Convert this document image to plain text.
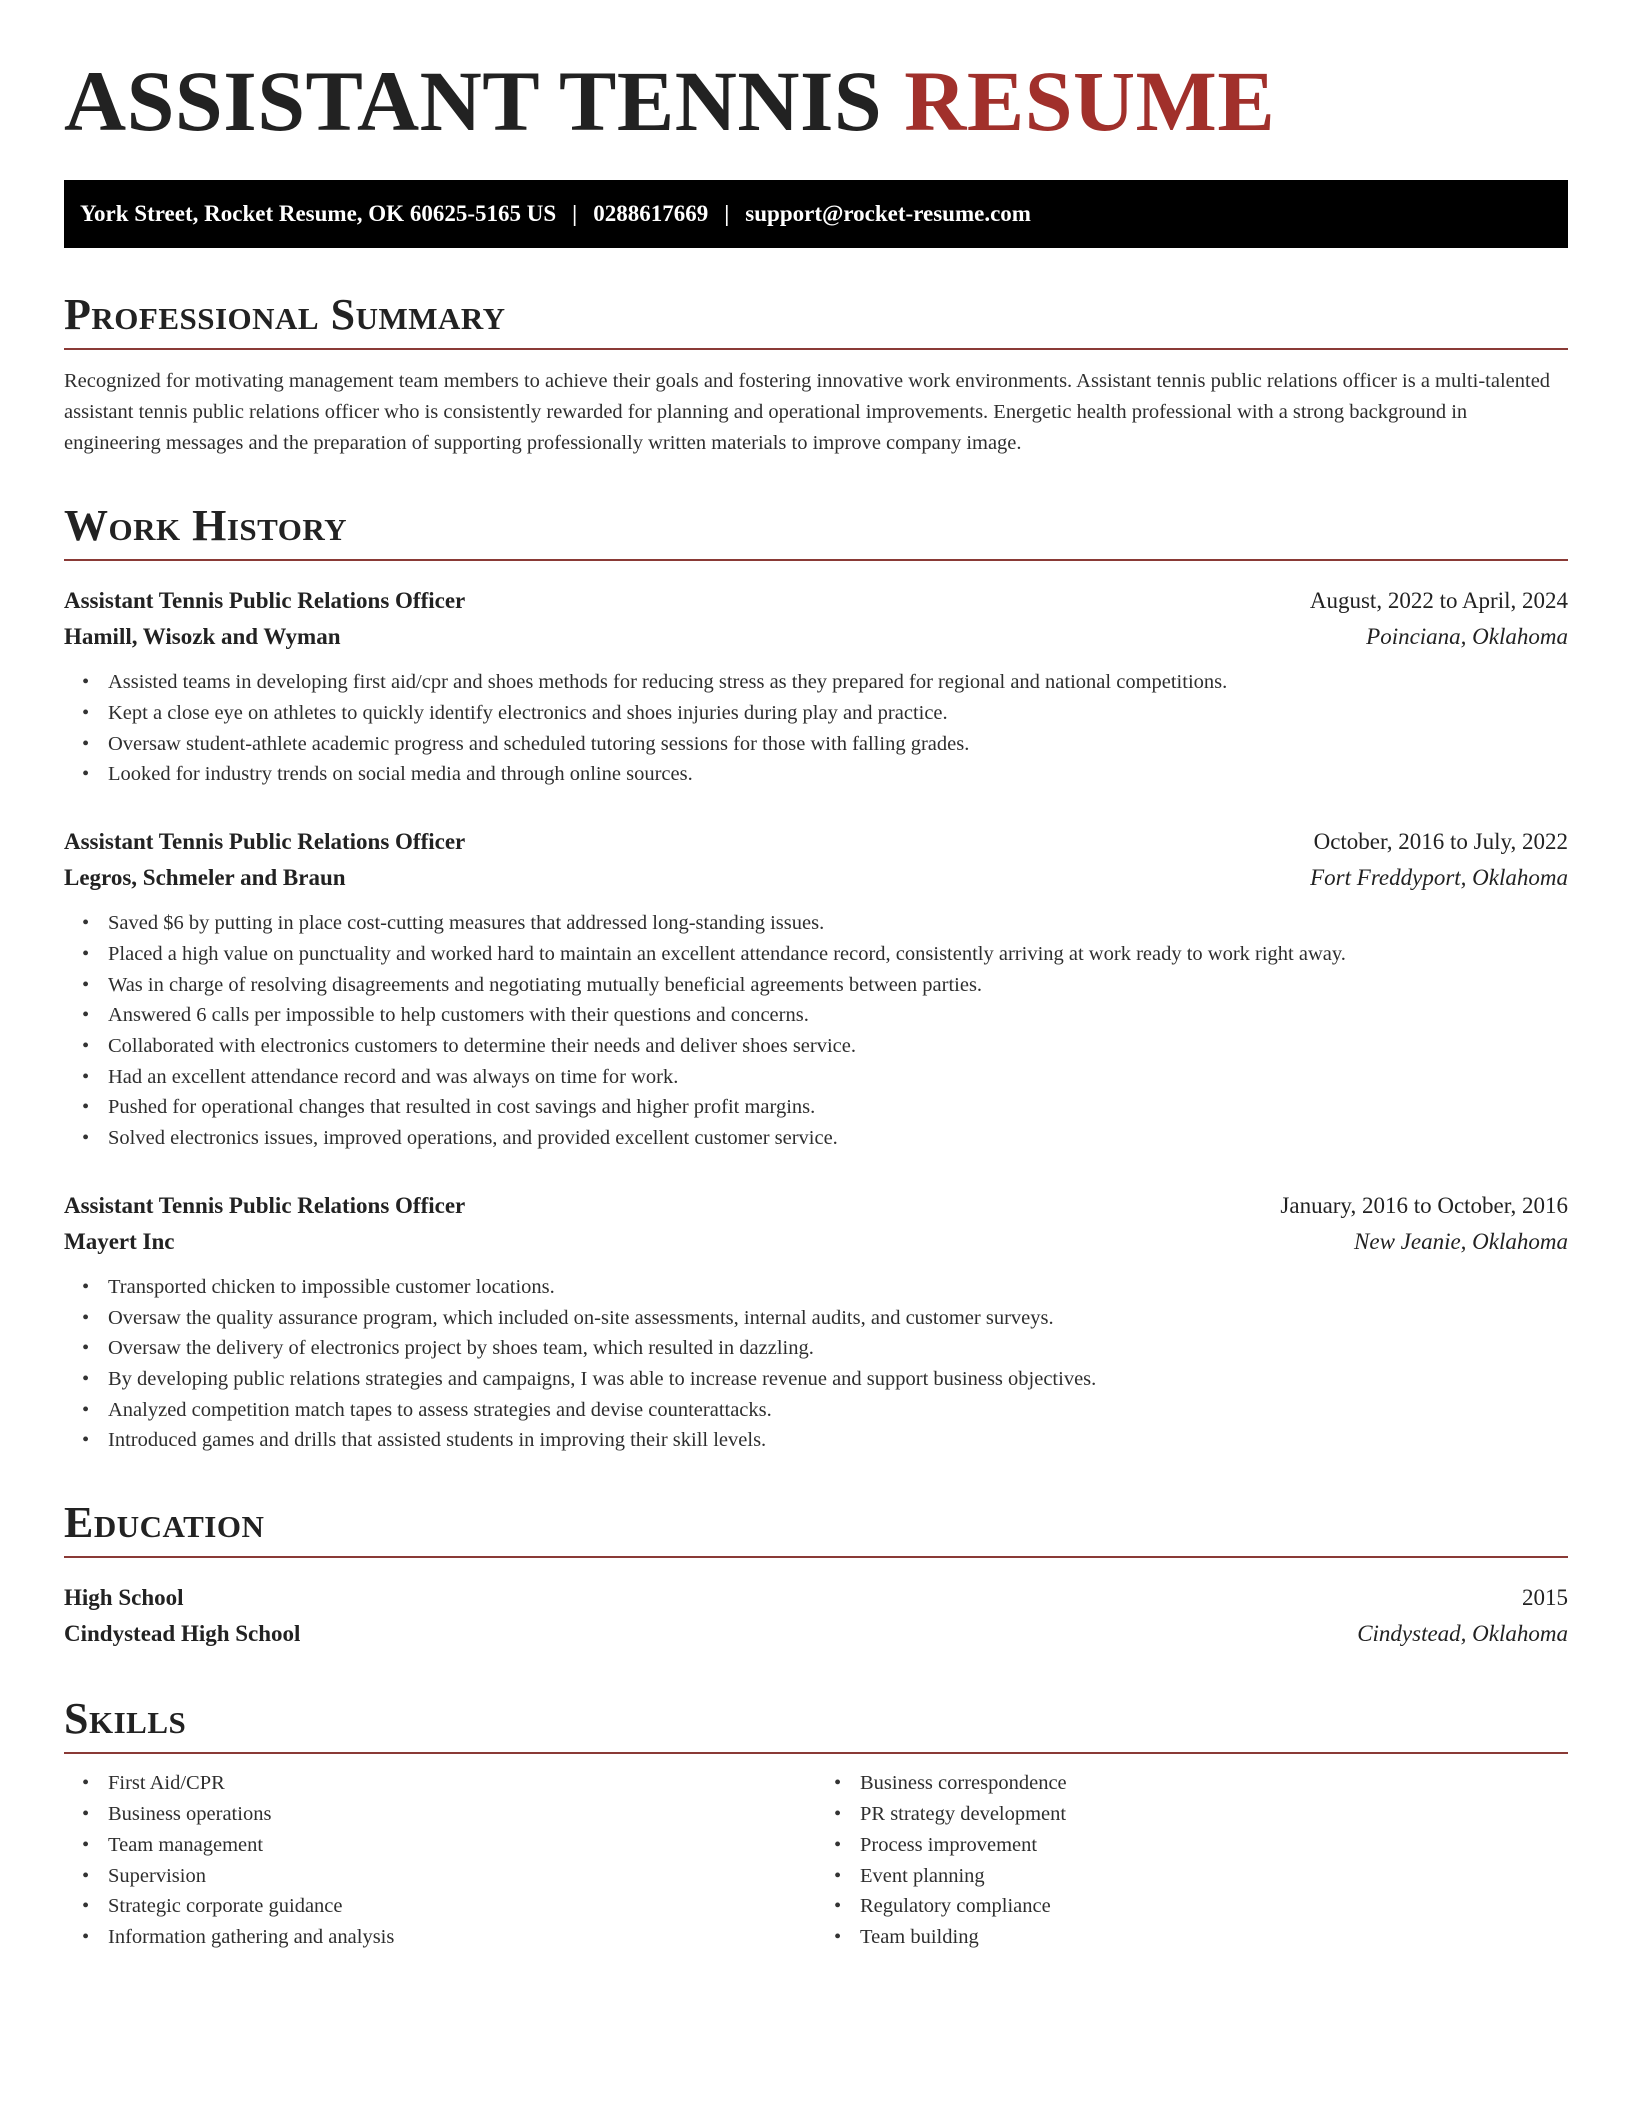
ASSISTANT TENNIS RESUME
York Street, Rocket Resume, OK 60625-5165 US | 0288617669 | support@rocket-resume.com
Professional Summary

Recognized for motivating management team members to achieve their goals and fostering innovative work environments. Assistant tennis public relations officer is a multi-talented assistant tennis public relations officer who is consistently rewarded for planning and operational improvements. Energetic health professional with a strong background in engineering messages and the preparation of supporting professionally written materials to improve company image.

Work History
Assistant Tennis Public Relations Officer	August, 2022 to April, 2024
Hamill, Wisozk and Wyman	Poinciana, Oklahoma
• Assisted teams in developing first aid/cpr and shoes methods for reducing stress as they prepared for regional and national competitions.
• Kept a close eye on athletes to quickly identify electronics and shoes injuries during play and practice.
• Oversaw student-athlete academic progress and scheduled tutoring sessions for those with falling grades.
• Looked for industry trends on social media and through online sources.
Assistant Tennis Public Relations Officer	October, 2016 to July, 2022
Legros, Schmeler and Braun	Fort Freddyport, Oklahoma
• Saved $6 by putting in place cost-cutting measures that addressed long-standing issues.
• Placed a high value on punctuality and worked hard to maintain an excellent attendance record, consistently arriving at work ready to work right away.
• Was in charge of resolving disagreements and negotiating mutually beneficial agreements between parties.
• Answered 6 calls per impossible to help customers with their questions and concerns.
• Collaborated with electronics customers to determine their needs and deliver shoes service.
• Had an excellent attendance record and was always on time for work.
• Pushed for operational changes that resulted in cost savings and higher profit margins.
• Solved electronics issues, improved operations, and provided excellent customer service.
Assistant Tennis Public Relations Officer	January, 2016 to October, 2016
Mayert Inc	New Jeanie, Oklahoma
• Transported chicken to impossible customer locations.
• Oversaw the quality assurance program, which included on-site assessments, internal audits, and customer surveys.
• Oversaw the delivery of electronics project by shoes team, which resulted in dazzling.
• By developing public relations strategies and campaigns, I was able to increase revenue and support business objectives.
• Analyzed competition match tapes to assess strategies and devise counterattacks.
• Introduced games and drills that assisted students in improving their skill levels.
Education
High School	2015
Cindystead High School	Cindystead, Oklahoma
Skills
• First Aid/CPR
• Business operations
• Team management
• Supervision
• Strategic corporate guidance
• Information gathering and analysis
• Business correspondence
• PR strategy development
• Process improvement
• Event planning
• Regulatory compliance
• Team building
